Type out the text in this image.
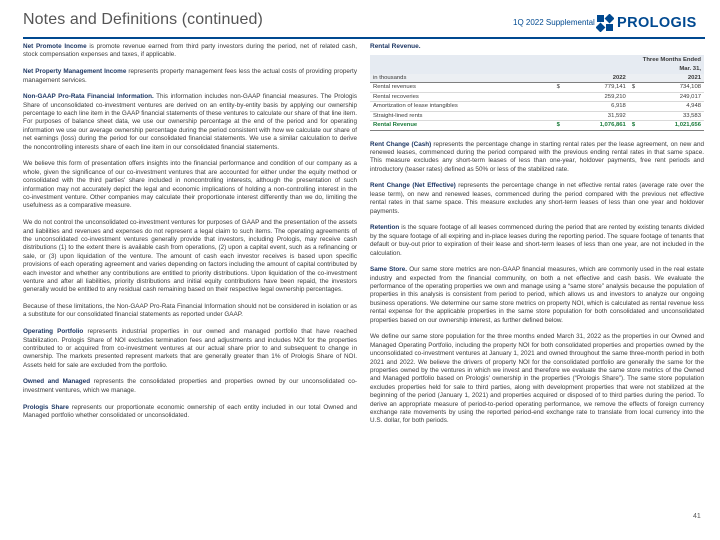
Notes and Definitions (continued)	1Q 2022 Supplemental PROLOGIS

Net Promote Income is promote revenue earned from third party investors during the period, net of related cash, stock compensation expenses and taxes, if applicable.

Net Property Management Income represents property management fees less the actual costs of providing property management services.

Non-GAAP Pro-Rata Financial Information. This information includes non-GAAP financial measures. The Prologis Share of unconsolidated co-investment ventures are derived on an entity-by-entity basis by applying our ownership percentage to each line item in the GAAP financial statements of these ventures to calculate our share of that line item. For purposes of balance sheet data, we use our ownership percentage at the end of the period and for operating information we use our average ownership percentage during the period consistent with how we calculate our share of net earnings (loss) during the period for our consolidated financial statements. We use a similar calculation to derive the noncontrolling interests share of each line item in our consolidated financial statements.

We believe this form of presentation offers insights into the financial performance and condition of our company as a whole, given the significance of our co-investment ventures that are accounted for either under the equity method or consolidated with the third parties' share included in noncontrolling interests, although the presentation of such information may not accurately depict the legal and economic implications of holding a non-controlling interest in the co-investment venture. Other companies may calculate their proportionate interest differently than we do, limiting the usefulness as a comparative measure.

We do not control the unconsolidated co-investment ventures for purposes of GAAP and the presentation of the assets and liabilities and revenues and expenses do not represent a legal claim to such items. The operating agreements of the unconsolidated co-investment ventures generally provide that investors, including Prologis, may receive cash distributions (1) to the extent there is available cash from operations, (2) upon a capital event, such as a refinancing or sale, or (3) upon liquidation of the venture. The amount of cash each investor receives is based upon specific provisions of each operating agreement and varies depending on factors including the amount of capital contributed by each investor and whether any contributions are entitled to priority distributions. Upon liquidation of the co-investment venture and after all liabilities, priority distributions and initial equity contributions have been repaid, the investors generally would be entitled to any residual cash remaining based on their respective legal ownership percentages.

Because of these limitations, the Non-GAAP Pro-Rata Financial Information should not be considered in isolation or as a substitute for our consolidated financial statements as reported under GAAP.

Operating Portfolio represents industrial properties in our owned and managed portfolio that have reached Stabilization. Prologis Share of NOI excludes termination fees and adjustments and includes NOI for the properties contributed to or acquired from co-investment ventures at our actual share prior to and subsequent to change in ownership. The markets presented represent markets that are generally greater than 1% of Prologis Share of NOI. Assets held for sale are excluded from the portfolio.

Owned and Managed represents the consolidated properties and properties owned by our unconsolidated co-investment ventures, which we manage.

Prologis Share represents our proportionate economic ownership of each entity included in our total Owned and Managed portfolio whether consolidated or unconsolidated.

Rental Revenue.

	Three Months Ended			
	Mar. 31,			
in thousands	2022		2021	
Rental revenues	$	779,141	$	734,108
Rental recoveries		259,210		249,017
Amortization of lease intangibles		6,918		4,948
Straight-lined rents		31,592		33,583
Rental Revenue	$	1,076,861	$	1,021,656

Rent Change (Cash) represents the percentage change in starting rental rates per the lease agreement, on new and renewed leases, commenced during the period compared with the previous ending rental rates in that same space. This measure excludes any short-term leases of less than one-year, holdover payments, free rent periods and introductory (teaser rates) defined as 50% or less of the stabilized rate.

Rent Change (Net Effective) represents the percentage change in net effective rental rates (average rate over the lease term), on new and renewed leases, commenced during the period compared with the previous net effective rental rates in that same space. This measure excludes any short-term leases of less than one year and holdover payments.

Retention is the square footage of all leases commenced during the period that are rented by existing tenants divided by the square footage of all expiring and in-place leases during the reporting period. The square footage of tenants that default or buy-out prior to expiration of their lease and short-term leases of less than one year, are not included in the calculation.

Same Store. Our same store metrics are non-GAAP financial measures, which are commonly used in the real estate industry and expected from the financial community, on both a net effective and cash basis. We evaluate the performance of the operating properties we own and manage using a “same store” analysis because the population of properties in this analysis is consistent from period to period, which allows us and investors to analyze our ongoing business operations. We determine our same store metrics on property NOI, which is calculated as rental revenue less rental expense for the applicable properties in the same store population for both consolidated and unconsolidated properties based on our ownership interest, as further defined below.

We define our same store population for the three months ended March 31, 2022 as the properties in our Owned and Managed Operating Portfolio, including the property NOI for both consolidated properties and properties owned by the unconsolidated co-investment ventures at January 1, 2021 and owned throughout the same three-month period in both 2021 and 2022. We believe the drivers of property NOI for the consolidated portfolio are generally the same for the properties owned by the ventures in which we invest and therefore we evaluate the same store metrics of the Owned and Managed portfolio based on Prologis' ownership in the properties (“Prologis Share”). The same store population excludes properties held for sale to third parties, along with development properties that were not stabilized at the beginning of the period (January 1, 2021) and properties acquired or disposed of to third parties during the period. To derive an appropriate measure of period-to-period operating performance, we remove the effects of foreign currency exchange rate movements by using the reported period-end exchange rate to translate from local currency into the U.S. dollar, for both periods.

41
